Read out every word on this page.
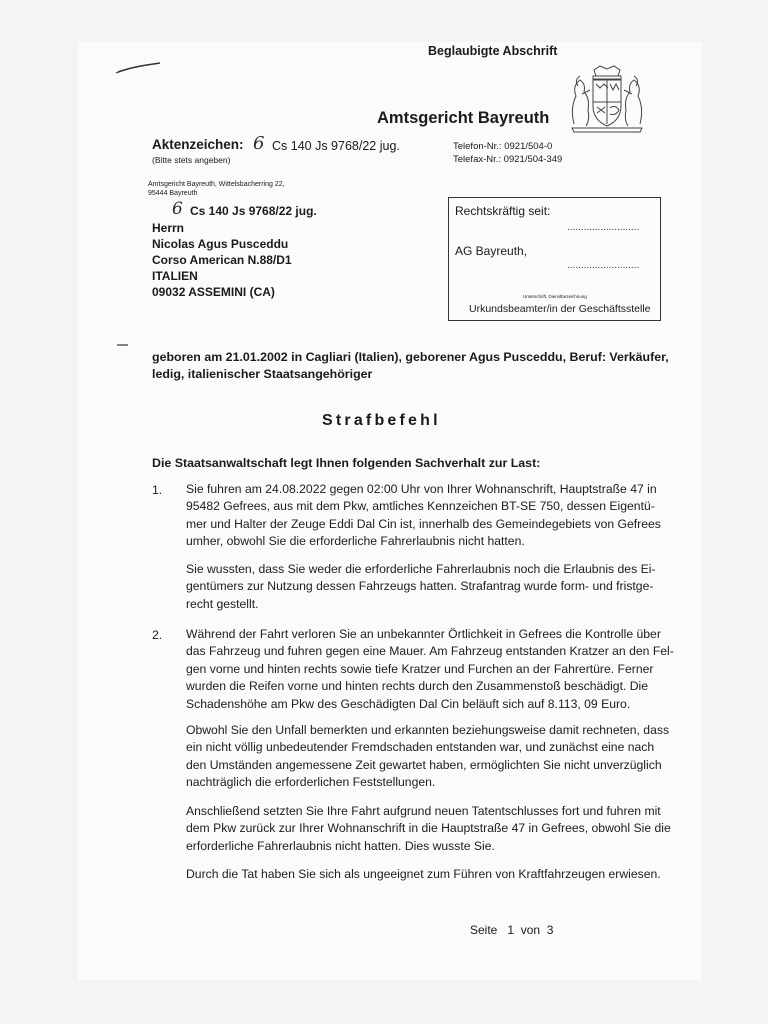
Beglaubigte Abschrift
Amtsgericht Bayreuth
Aktenzeichen: 6 Cs 140 Js 9768/22 jug.
(Bitte stets angeben)
Telefon-Nr.: 0921/504-0
Telefax-Nr.: 0921/504-349
Amtsgericht Bayreuth, Wittelsbacherring 22,
95444 Bayreuth
6 Cs 140 Js 9768/22 jug.
Herrn
Nicolas Agus Pusceddu
Corso American N.88/D1
ITALIEN
09032 ASSEMINI (CA)
Rechtskräftig seit:
..........................
AG Bayreuth,
..........................
Unterschrift, Dienstbezeichnung
Urkundsbeamter/in der Geschäftsstelle
geboren am 21.01.2002 in Cagliari (Italien), geborener Agus Pusceddu, Beruf: Verkäufer,
ledig, italienischer Staatsangehöriger
Strafbefehl
Die Staatsanwaltschaft legt Ihnen folgenden Sachverhalt zur Last:
1. Sie fuhren am 24.08.2022 gegen 02:00 Uhr von Ihrer Wohnanschrift, Hauptstraße 47 in
95482 Gefrees, aus mit dem Pkw, amtliches Kennzeichen BT-SE 750, dessen Eigentü-
mer und Halter der Zeuge Eddi Dal Cin ist, innerhalb des Gemeindegebiets von Gefrees
umher, obwohl Sie die erforderliche Fahrerlaubnis nicht hatten.
Sie wussten, dass Sie weder die erforderliche Fahrerlaubnis noch die Erlaubnis des Ei-
gentümers zur Nutzung dessen Fahrzeugs hatten. Strafantrag wurde form- und fristge-
recht gestellt.
2. Während der Fahrt verloren Sie an unbekannter Örtlichkeit in Gefrees die Kontrolle über
das Fahrzeug und fuhren gegen eine Mauer. Am Fahrzeug entstanden Kratzer an den Fel-
gen vorne und hinten rechts sowie tiefe Kratzer und Furchen an der Fahrertüre. Ferner
wurden die Reifen vorne und hinten rechts durch den Zusammenstoß beschädigt. Die
Schadenshöhe am Pkw des Geschädigten Dal Cin beläuft sich auf 8.113, 09 Euro.
Obwohl Sie den Unfall bemerkten und erkannten beziehungsweise damit rechneten, dass
ein nicht völlig unbedeutender Fremdschaden entstanden war, und zunächst eine nach
den Umständen angemessene Zeit gewartet haben, ermöglichten Sie nicht unverzüglich
nachträglich die erforderlichen Feststellungen.
Anschließend setzten Sie Ihre Fahrt aufgrund neuen Tatentschlusses fort und fuhren mit
dem Pkw zurück zur Ihrer Wohnanschrift in die Hauptstraße 47 in Gefrees, obwohl Sie die
erforderliche Fahrerlaubnis nicht hatten. Dies wusste Sie.
Durch die Tat haben Sie sich als ungeeignet zum Führen von Kraftfahrzeugen erwiesen.
Seite   1  von  3
